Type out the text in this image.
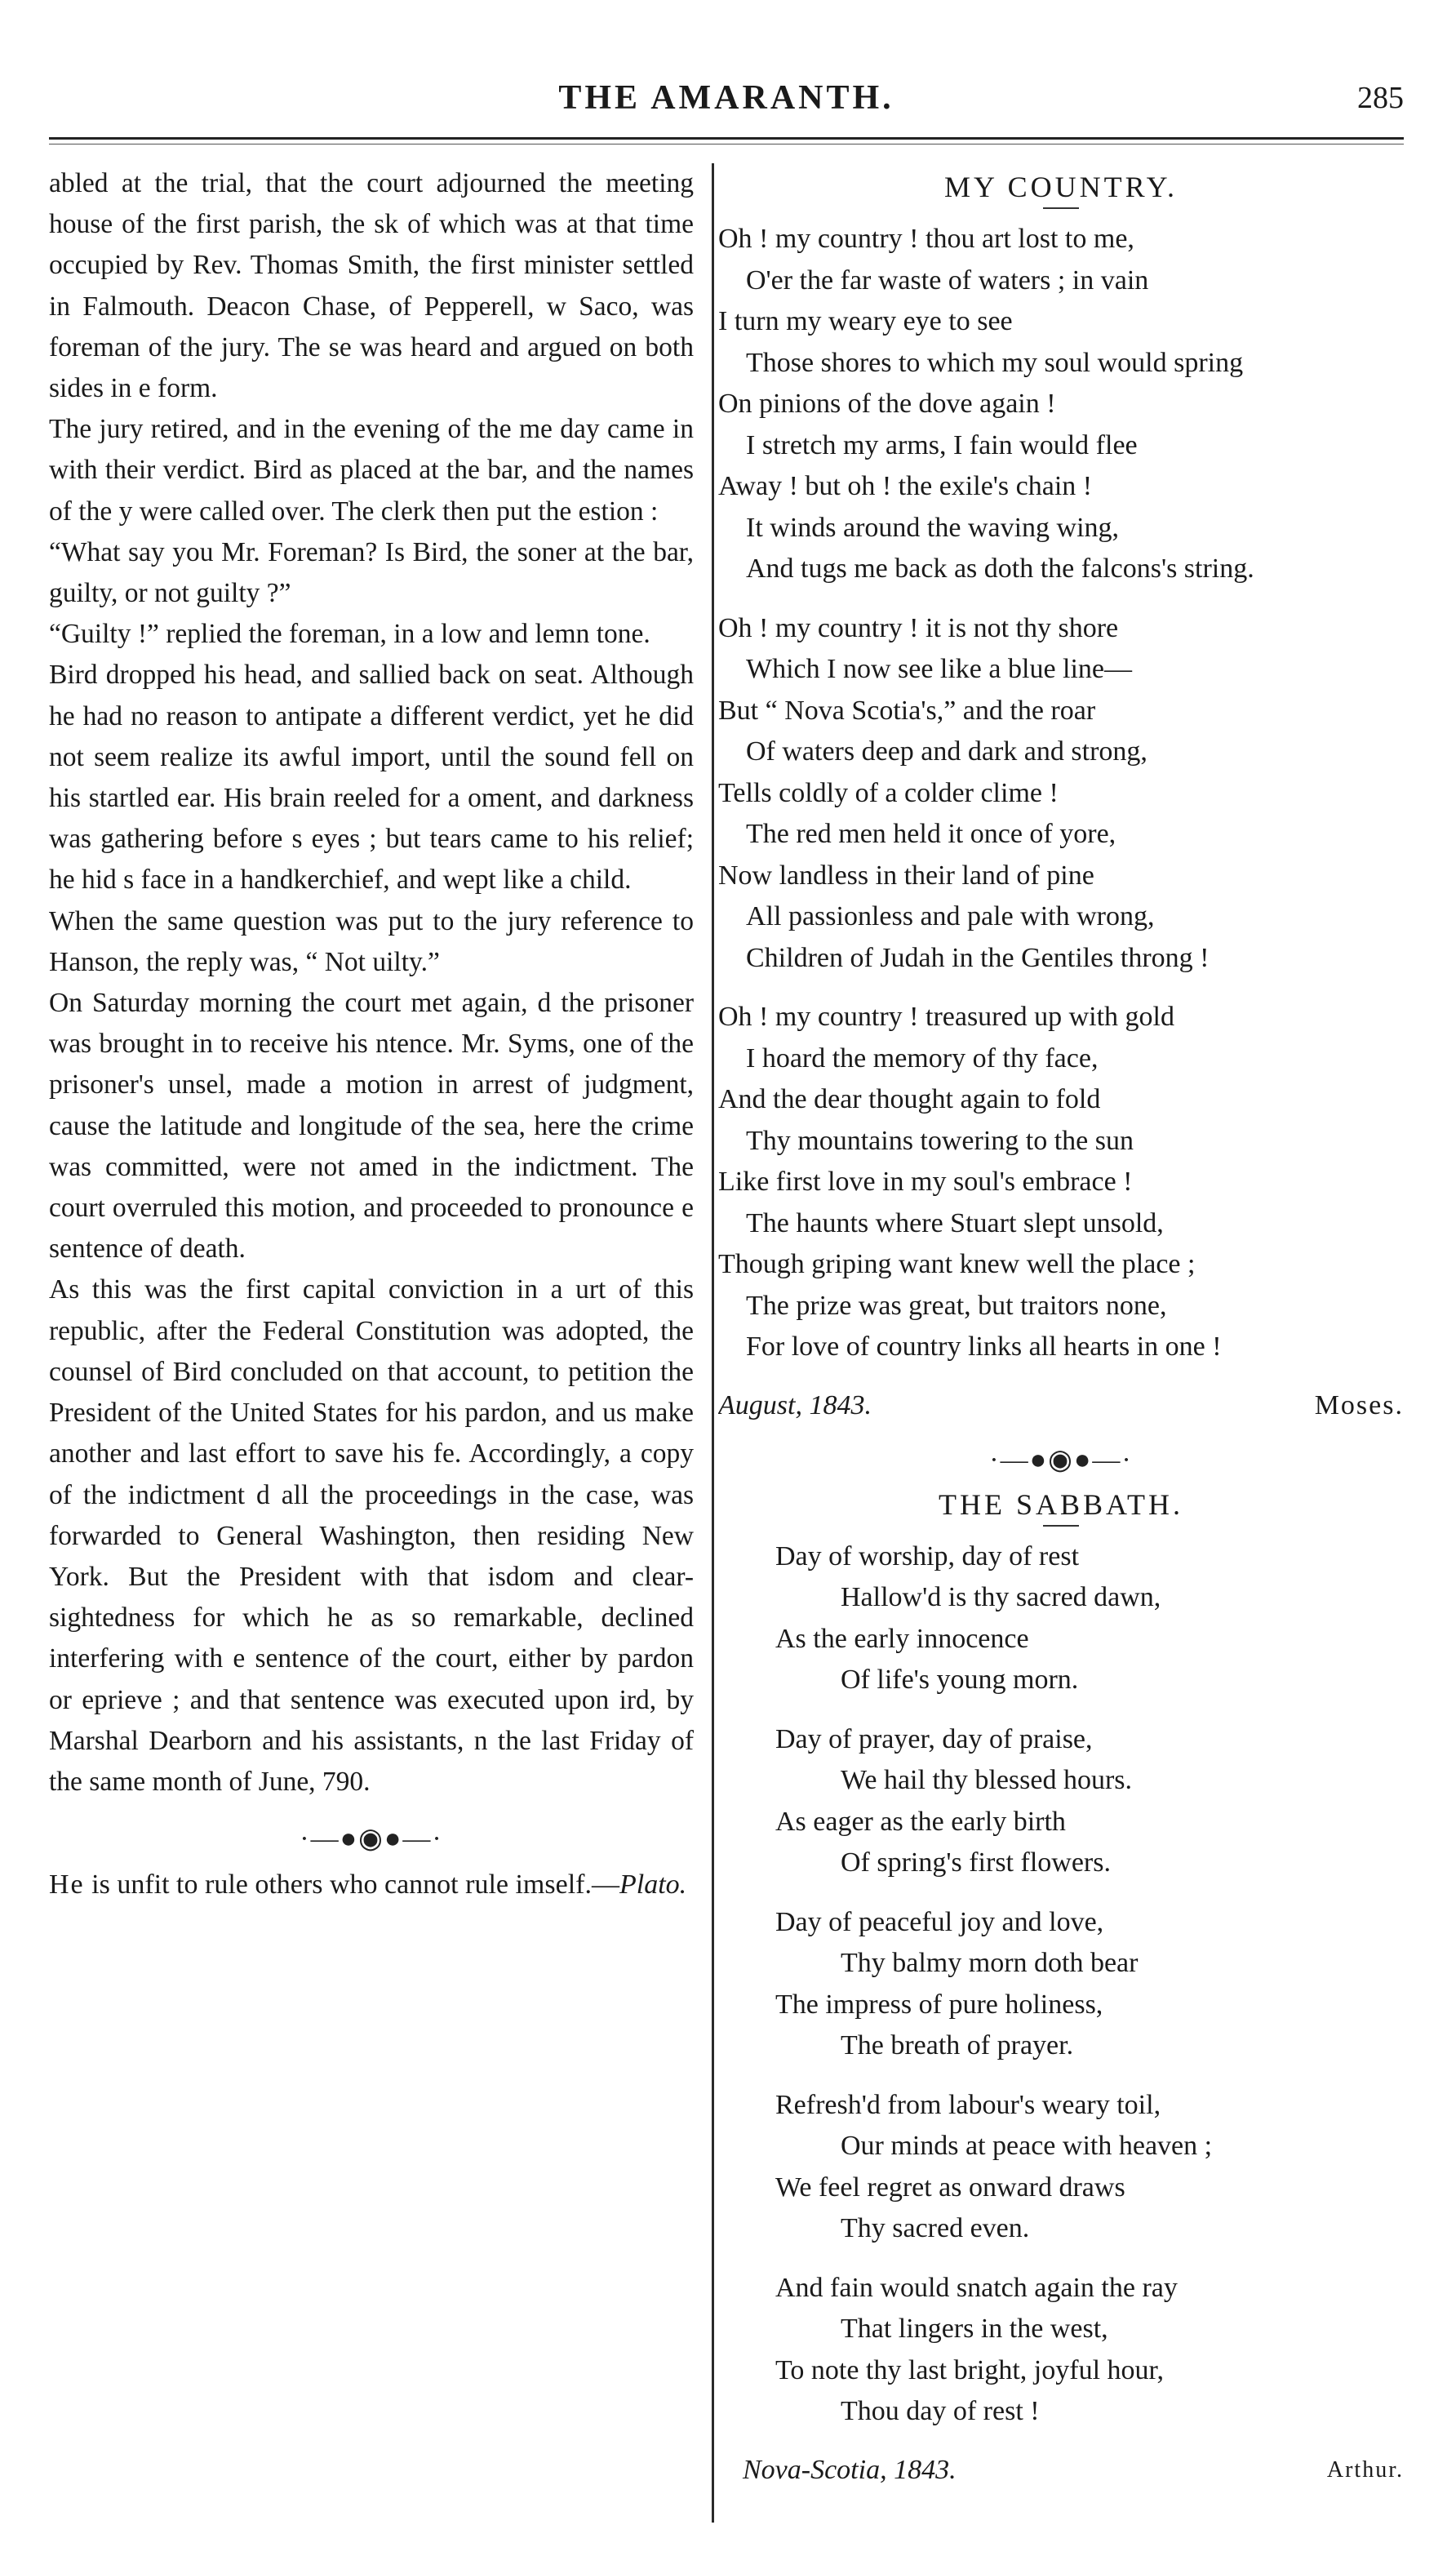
THE AMARANTH.	285

abled at the trial, that the court adjourned the meeting house of the first parish, the sk of which was at that time occupied by Rev. Thomas Smith, the first minister settled in Falmouth. Deacon Chase, of Pepperell, w Saco, was foreman of the jury. The se was heard and argued on both sides in e form.

The jury retired, and in the evening of the me day came in with their verdict. Bird as placed at the bar, and the names of the y were called over. The clerk then put the estion :

“What say you Mr. Foreman? Is Bird, the soner at the bar, guilty, or not guilty ?”

“Guilty !” replied the foreman, in a low and lemn tone.

Bird dropped his head, and sallied back on seat. Although he had no reason to antipate a different verdict, yet he did not seem realize its awful import, until the sound fell on his startled ear. His brain reeled for a oment, and darkness was gathering before s eyes ; but tears came to his relief; he hid s face in a handkerchief, and wept like a child.

When the same question was put to the jury reference to Hanson, the reply was, “ Not uilty.”

On Saturday morning the court met again, d the prisoner was brought in to receive his ntence. Mr. Syms, one of the prisoner's unsel, made a motion in arrest of judgment, cause the latitude and longitude of the sea, here the crime was committed, were not amed in the indictment. The court overruled this motion, and proceeded to pronounce e sentence of death.

As this was the first capital conviction in a urt of this republic, after the Federal Constitution was adopted, the counsel of Bird concluded on that account, to petition the President of the United States for his pardon, and us make another and last effort to save his fe. Accordingly, a copy of the indictment d all the proceedings in the case, was forwarded to General Washington, then residing New York. But the President with that isdom and clear-sightedness for which he as so remarkable, declined interfering with e sentence of the court, either by pardon or eprieve ; and that sentence was executed upon ird, by Marshal Dearborn and his assistants, n the last Friday of the same month of June, 790.

·—●◉●—·
He is unfit to rule others who cannot rule imself.—Plato.
MY COUNTRY.
Oh ! my country ! thou art lost to me,
O'er the far waste of waters ; in vain
I turn my weary eye to see
Those shores to which my soul would spring
On pinions of the dove again !
I stretch my arms, I fain would flee
Away ! but oh ! the exile's chain !
It winds around the waving wing,
And tugs me back as doth the falcons's string.
Oh ! my country ! it is not thy shore
Which I now see like a blue line—
But “ Nova Scotia's,” and the roar
Of waters deep and dark and strong,
Tells coldly of a colder clime !
The red men held it once of yore,
Now landless in their land of pine
All passionless and pale with wrong,
Children of Judah in the Gentiles throng !
Oh ! my country ! treasured up with gold
I hoard the memory of thy face,
And the dear thought again to fold
Thy mountains towering to the sun
Like first love in my soul's embrace !
The haunts where Stuart slept unsold,
Though griping want knew well the place ;
The prize was great, but traitors none,
For love of country links all hearts in one !
August, 1843.	Moses.
·—●◉●—·
THE SABBATH.
Day of worship, day of rest
Hallow'd is thy sacred dawn,
As the early innocence
Of life's young morn.
Day of prayer, day of praise,
We hail thy blessed hours.
As eager as the early birth
Of spring's first flowers.
Day of peaceful joy and love,
Thy balmy morn doth bear
The impress of pure holiness,
The breath of prayer.
Refresh'd from labour's weary toil,
Our minds at peace with heaven ;
We feel regret as onward draws
Thy sacred even.
And fain would snatch again the ray
That lingers in the west,
To note thy last bright, joyful hour,
Thou day of rest !
Nova-Scotia, 1843.	Arthur.
